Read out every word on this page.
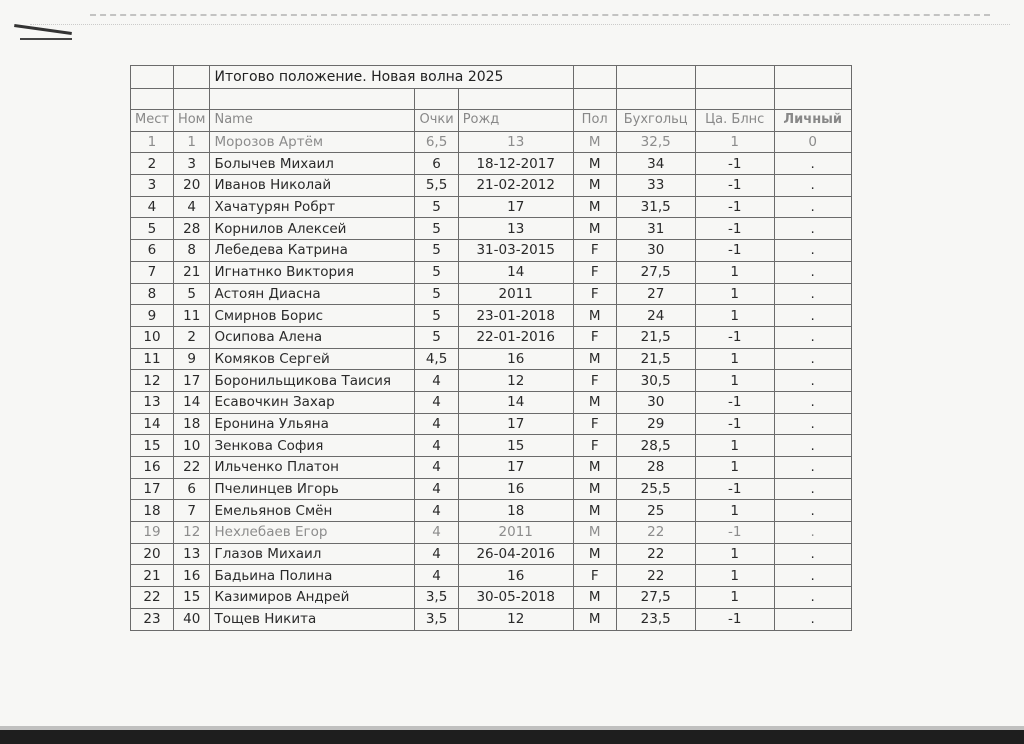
		Итогово положение. Новая волна 2025						

Мест	Ном	Name	Очки	Рожд	Пол	Бухгольц	Ца. Блнс	Личный
1	1	Морозов Артём	6,5	13	M	32,5	1	0
2	3	Болычев Михаил	6	18-12-2017	M	34	-1	.
3	20	Иванов Николай	5,5	21-02-2012	M	33	-1	.
4	4	Хачатурян Робрт	5	17	M	31,5	-1	.
5	28	Корнилов Алексей	5	13	M	31	-1	.
6	8	Лебедева Катрина	5	31-03-2015	F	30	-1	.
7	21	Игнатнко Виктория	5	14	F	27,5	1	.
8	5	Астоян Диасна	5	2011	F	27	1	.
9	11	Смирнов Борис	5	23-01-2018	M	24	1	.
10	2	Осипова Алена	5	22-01-2016	F	21,5	-1	.
11	9	Комяков Сергей	4,5	16	M	21,5	1	.
12	17	Боронильщикова Таисия	4	12	F	30,5	1	.
13	14	Есавочкин Захар	4	14	M	30	-1	.
14	18	Еронина Ульяна	4	17	F	29	-1	.
15	10	Зенкова София	4	15	F	28,5	1	.
16	22	Ильченко Платон	4	17	M	28	1	.
17	6	Пчелинцев Игорь	4	16	M	25,5	-1	.
18	7	Емельянов Смён	4	18	M	25	1	.
19	12	Нехлебаев Егор	4	2011	M	22	-1	.
20	13	Глазов Михаил	4	26-04-2016	M	22	1	.
21	16	Бадьина Полина	4	16	F	22	1	.
22	15	Казимиров Андрей	3,5	30-05-2018	M	27,5	1	.
23	40	Тощев Никита	3,5	12	M	23,5	-1	.
